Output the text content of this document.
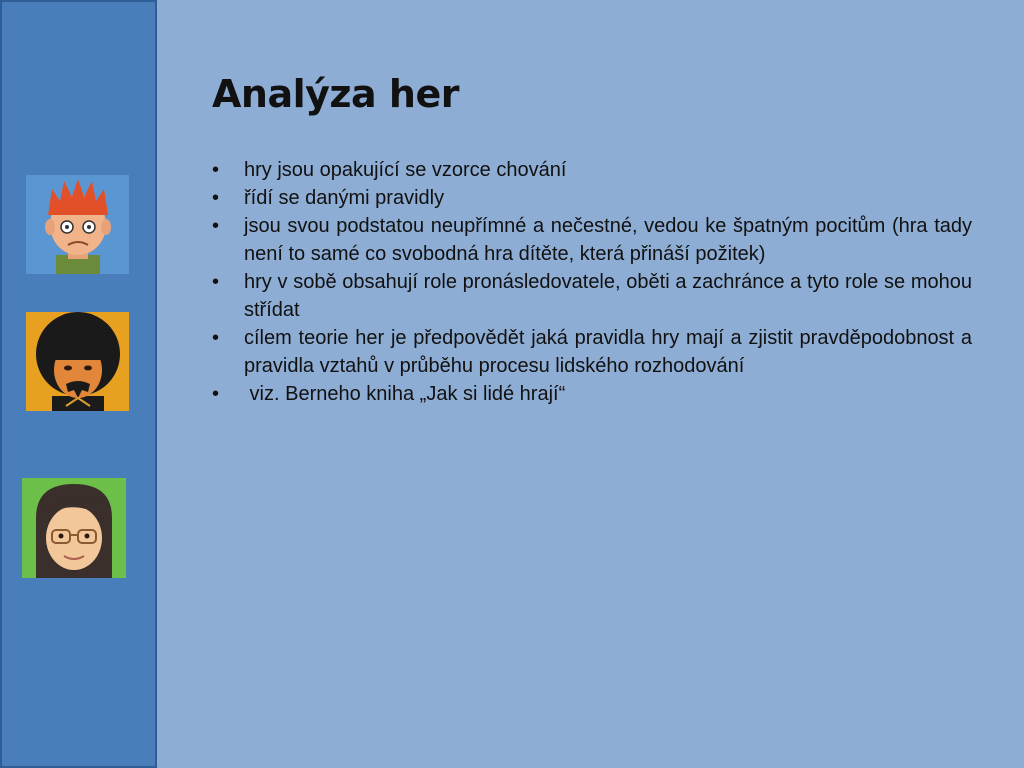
Analýza her
•	hry jsou opakující se vzorce chování
•	řídí se danými pravidly
•	jsou svou podstatou neupřímné a nečestné, vedou ke špatným pocitům (hra tady není to samé co svobodná hra dítěte, která přináší požitek)
•	hry v sobě obsahují role pronásledovatele, oběti a zachránce a tyto role se mohou střídat
•	cílem teorie her je předpovědět jaká pravidla hry mají a zjistit pravděpodobnost a pravidla vztahů v průběhu procesu lidského rozhodování
•	viz. Berneho kniha „Jak si lidé hrají“
